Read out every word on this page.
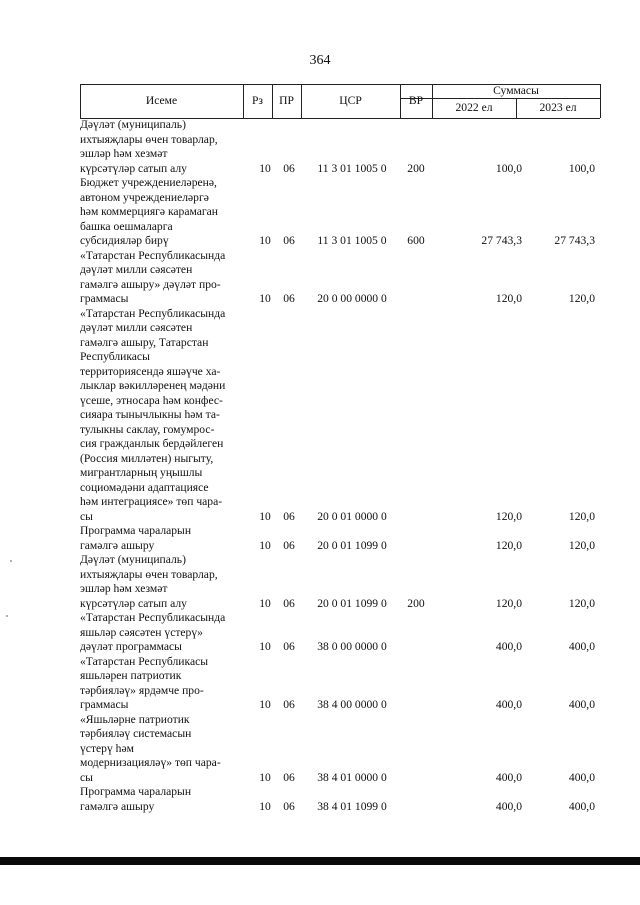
364
Исеме	Рз	ПР	ЦСР	ВР
Суммасы
2022 ел	2023 ел
Дәүләт (муниципаль)
ихтыяҗлары өчен товарлар,
эшләр һәм хезмәт
күрсәтүләр сатып алу	10	06	11 3 01 1005 0	200	100,0	100,0
Бюджет учреждениеләренә,
автоном учреждениеләргә
һәм коммерциягә карамаган
башка оешмаларга
субсидияләр бирү	10	06	11 3 01 1005 0	600	27 743,3	27 743,3
«Татарстан Республикасында
дәүләт милли сәясәтен
гамәлгә ашыру» дәүләт про-
граммасы	10	06	20 0 00 0000 0	120,0	120,0
«Татарстан Республикасында
дәүләт милли сәясәтен
гамәлгә ашыру, Татарстан
Республикасы
территориясендә яшәүче ха-
лыклар вәкилләренең мәдәни
үсеше, этносара һәм конфес-
сияара тынычлыкны һәм та-
тулыкны саклау, гомумрос-
сия гражданлык бердәйлеген
(Россия милләтен) ныгыту,
мигрантларның уңышлы
социомәдәни адаптациясе
һәм интеграциясе» төп чара-
сы	10	06	20 0 01 0000 0	120,0	120,0
Программа чараларын
гамәлгә ашыру	10	06	20 0 01 1099 0	120,0	120,0
Дәүләт (муниципаль)
ихтыяҗлары өчен товарлар,
эшләр һәм хезмәт
күрсәтүләр сатып алу	10	06	20 0 01 1099 0	200	120,0	120,0
«Татарстан Республикасында
яшьләр сәясәтен үстерү»
дәүләт программасы	10	06	38 0 00 0000 0	400,0	400,0
«Татарстан Республикасы
яшьләрен патриотик
тәрбияләү» ярдәмче про-
граммасы	10	06	38 4 00 0000 0	400,0	400,0
«Яшьләрне патриотик
тәрбияләү системасын
үстерү һәм
модернизацияләү» төп чара-
сы	10	06	38 4 01 0000 0	400,0	400,0
Программа чараларын
гамәлгә ашыру	10	06	38 4 01 1099 0	400,0	400,0
